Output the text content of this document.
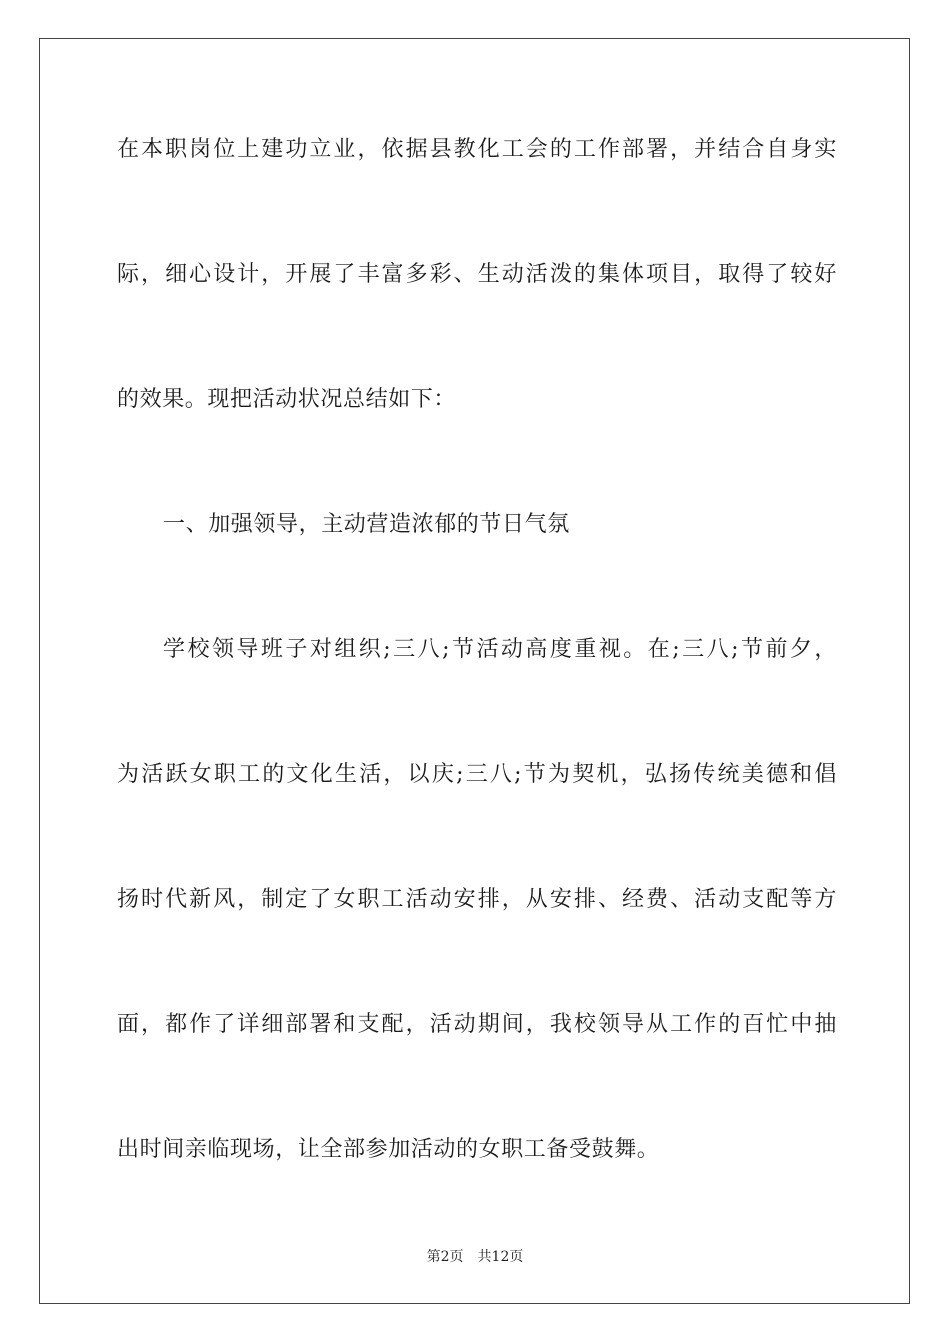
在本职岗位上建功立业，依据县教化工会的工作部署，并结合自身实
际，细心设计，开展了丰富多彩、生动活泼的集体项目，取得了较好
的效果。现把活动状况总结如下：
一、加强领导，主动营造浓郁的节日气氛
学校领导班子对组织;三八;节活动高度重视。在;三八;节前夕，
为活跃女职工的文化生活，以庆;三八;节为契机，弘扬传统美德和倡
扬时代新风，制定了女职工活动安排，从安排、经费、活动支配等方
面，都作了详细部署和支配，活动期间，我校领导从工作的百忙中抽
出时间亲临现场，让全部参加活动的女职工备受鼓舞。
第2页　共12页
